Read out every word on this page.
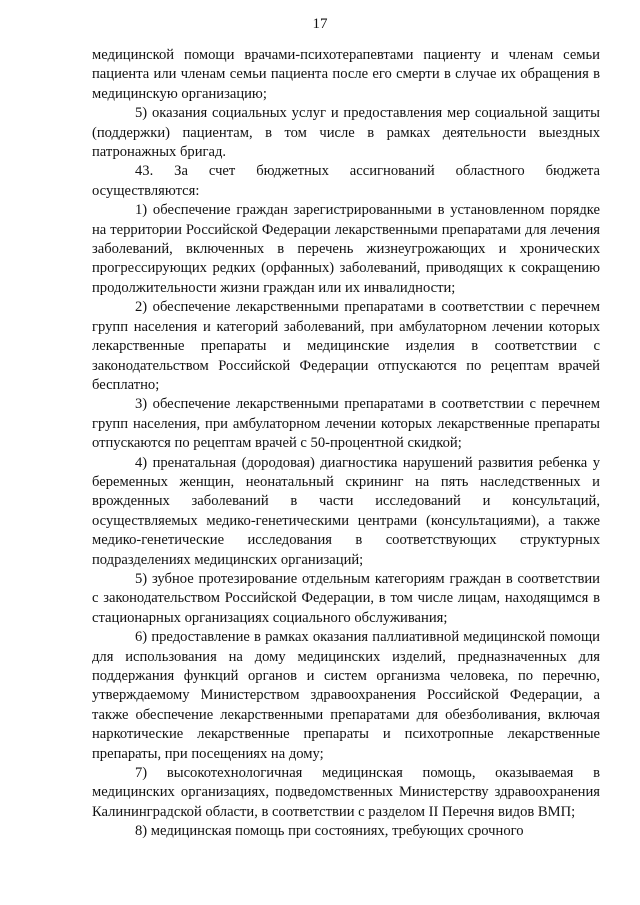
17

медицинской помощи врачами-психотерапевтами пациенту и членам семьи пациента или членам семьи пациента после его смерти в случае их обращения в медицинскую организацию;

5) оказания социальных услуг и предоставления мер социальной защиты (поддержки) пациентам, в том числе в рамках деятельности выездных патронажных бригад.

43. За счет бюджетных ассигнований областного бюджета осуществляются:

1) обеспечение граждан зарегистрированными в установленном порядке на территории Российской Федерации лекарственными препаратами для лечения заболеваний, включенных в перечень жизнеугрожающих и хронических прогрессирующих редких (орфанных) заболеваний, приводящих к сокращению продолжительности жизни граждан или их инвалидности;

2) обеспечение лекарственными препаратами в соответствии с перечнем групп населения и категорий заболеваний, при амбулаторном лечении которых лекарственные препараты и медицинские изделия в соответствии с законодательством Российской Федерации отпускаются по рецептам врачей бесплатно;

3) обеспечение лекарственными препаратами в соответствии с перечнем групп населения, при амбулаторном лечении которых лекарственные препараты отпускаются по рецептам врачей с 50-процентной скидкой;

4) пренатальная (дородовая) диагностика нарушений развития ребенка у беременных женщин, неонатальный скрининг на пять наследственных и врожденных заболеваний в части исследований и консультаций, осуществляемых медико-генетическими центрами (консультациями), а также медико-генетические исследования в соответствующих структурных подразделениях медицинских организаций;

5) зубное протезирование отдельным категориям граждан в соответствии с законодательством Российской Федерации, в том числе лицам, находящимся в стационарных организациях социального обслуживания;

6) предоставление в рамках оказания паллиативной медицинской помощи для использования на дому медицинских изделий, предназначенных для поддержания функций органов и систем организма человека, по перечню, утверждаемому Министерством здравоохранения Российской Федерации, а также обеспечение лекарственными препаратами для обезболивания, включая наркотические лекарственные препараты и психотропные лекарственные препараты, при посещениях на дому;

7) высокотехнологичная медицинская помощь, оказываемая в медицинских организациях, подведомственных Министерству здравоохранения Калининградской области, в соответствии с разделом II Перечня видов ВМП;

8) медицинская помощь при состояниях, требующих срочного
